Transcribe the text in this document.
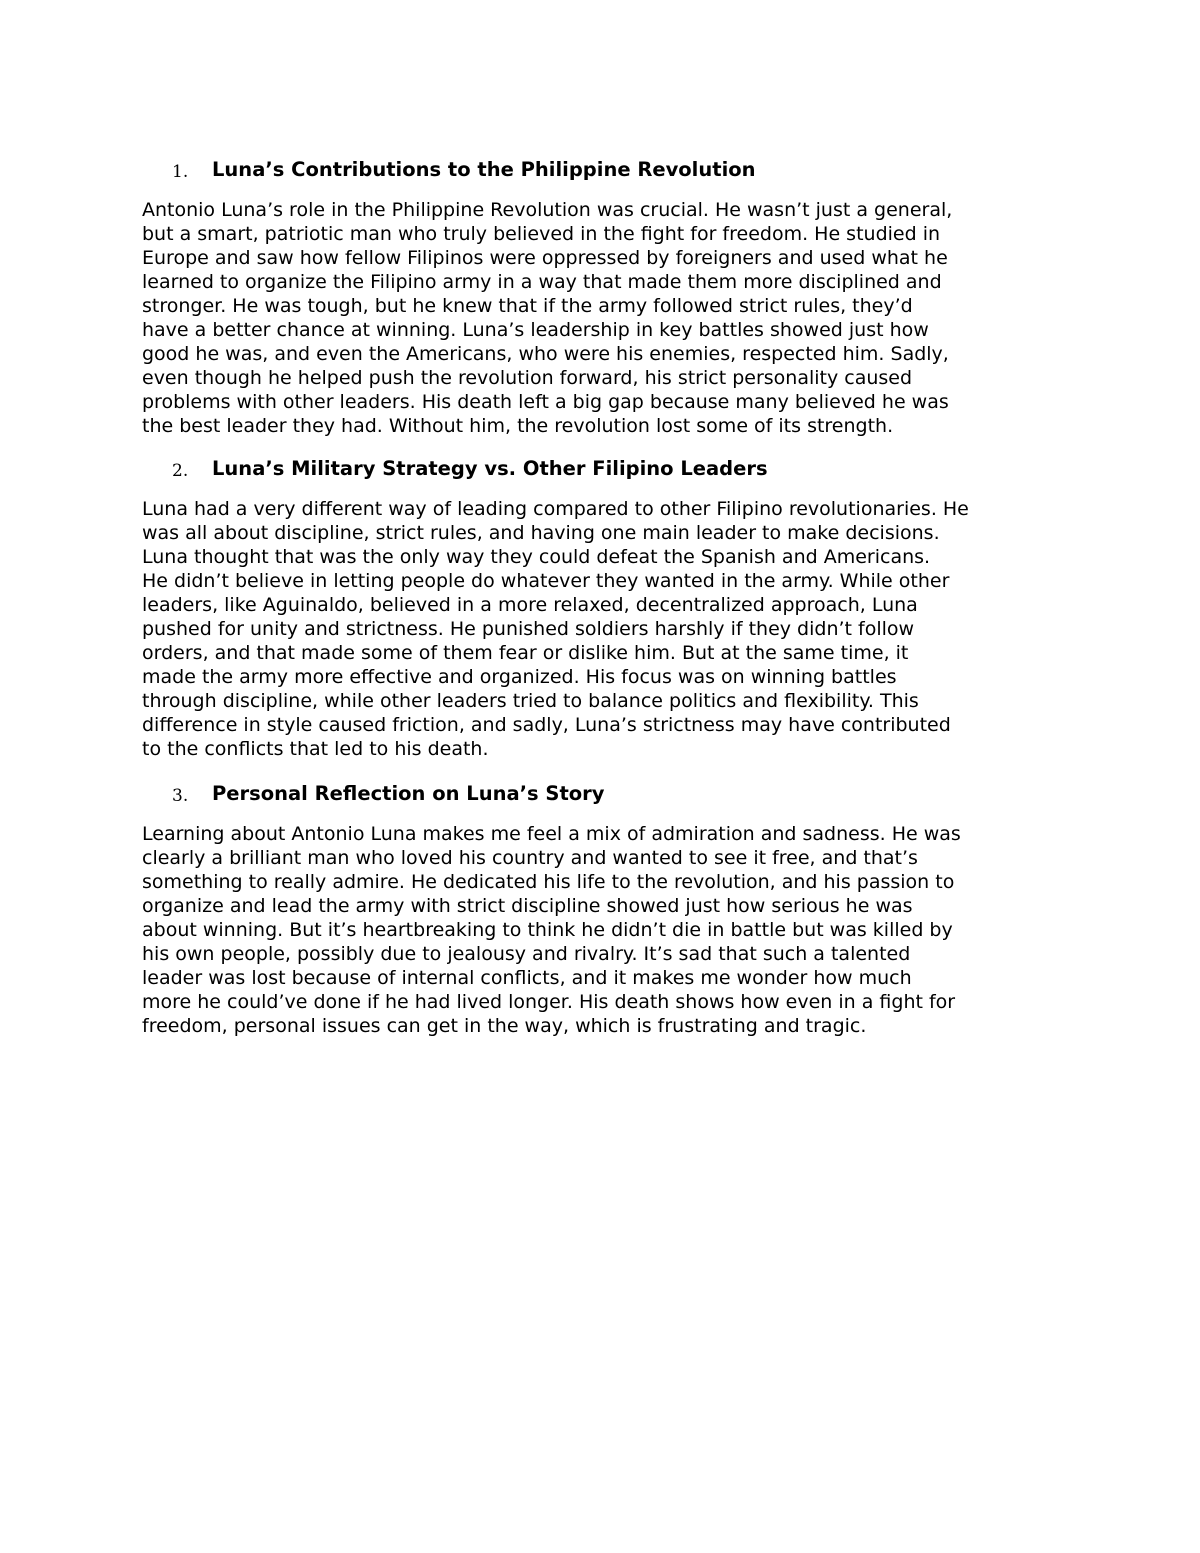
1. Luna’s Contributions to the Philippine Revolution

Antonio Luna’s role in the Philippine Revolution was crucial. He wasn’t just a general,
but a smart, patriotic man who truly believed in the fight for freedom. He studied in
Europe and saw how fellow Filipinos were oppressed by foreigners and used what he
learned to organize the Filipino army in a way that made them more disciplined and
stronger. He was tough, but he knew that if the army followed strict rules, they’d
have a better chance at winning. Luna’s leadership in key battles showed just how
good he was, and even the Americans, who were his enemies, respected him. Sadly,
even though he helped push the revolution forward, his strict personality caused
problems with other leaders. His death left a big gap because many believed he was
the best leader they had. Without him, the revolution lost some of its strength.

2. Luna’s Military Strategy vs. Other Filipino Leaders

Luna had a very different way of leading compared to other Filipino revolutionaries. He
was all about discipline, strict rules, and having one main leader to make decisions.
Luna thought that was the only way they could defeat the Spanish and Americans.
He didn’t believe in letting people do whatever they wanted in the army. While other
leaders, like Aguinaldo, believed in a more relaxed, decentralized approach, Luna
pushed for unity and strictness. He punished soldiers harshly if they didn’t follow
orders, and that made some of them fear or dislike him. But at the same time, it
made the army more effective and organized. His focus was on winning battles
through discipline, while other leaders tried to balance politics and flexibility. This
difference in style caused friction, and sadly, Luna’s strictness may have contributed
to the conflicts that led to his death.

3. Personal Reflection on Luna’s Story

Learning about Antonio Luna makes me feel a mix of admiration and sadness. He was
clearly a brilliant man who loved his country and wanted to see it free, and that’s
something to really admire. He dedicated his life to the revolution, and his passion to
organize and lead the army with strict discipline showed just how serious he was
about winning. But it’s heartbreaking to think he didn’t die in battle but was killed by
his own people, possibly due to jealousy and rivalry. It’s sad that such a talented
leader was lost because of internal conflicts, and it makes me wonder how much
more he could’ve done if he had lived longer. His death shows how even in a fight for
freedom, personal issues can get in the way, which is frustrating and tragic.
